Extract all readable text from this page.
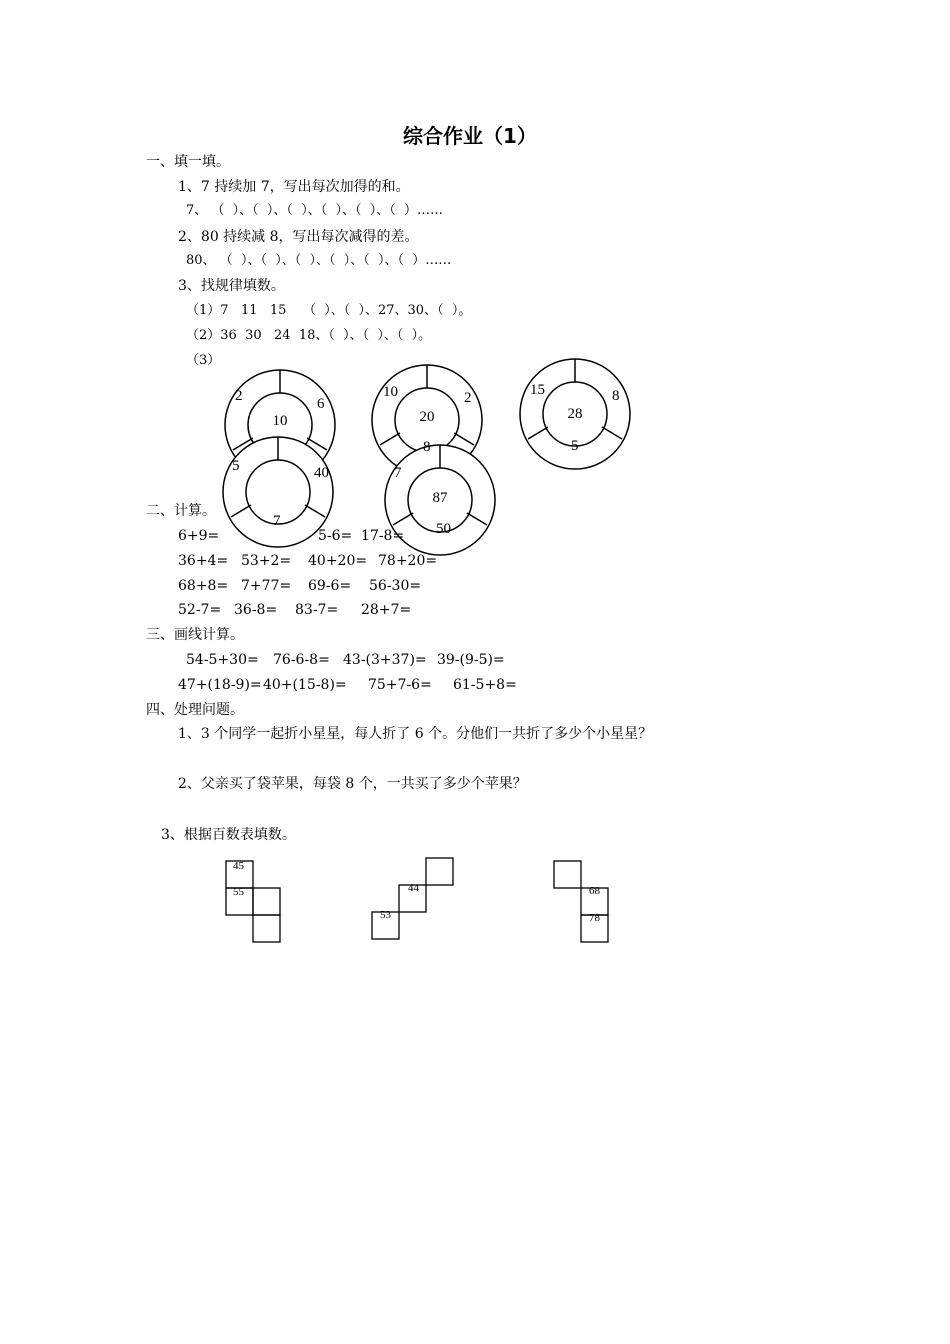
综合作业（1）
一、填一填。
1、7 持续加 7，写出每次加得的和。
7、 （  ）、（  ）、（  ）、（  ）、（  ）、（  ）……
2、80 持续减 8，写出每次减得的差。
80、 （  ）、（  ）、（  ）、（  ）、（  ）、（  ）……
3、找规律填数。
（1）7   11   15    （  ）、（  ）、27、30、（  ）。
（2）36  30   24  18、（  ）、（  ）、（  ）。
（3）
10
2	6
5	40
20
10	2
8
7
28
15	8
5
7
87
50
45
55	44
53
68
78
二、计算。
6+9=	5-6= 17-8=
36+4= 53+2= 40+20= 78+20=
68+8= 7+77= 69-6= 56-30=
52-7= 36-8= 83-7= 28+7=
三、画线计算。
54-5+30= 76-6-8= 43-(3+37)= 39-(9-5)=
47+(18-9)= 40+(15-8)= 75+7-6= 61-5+8=
四、处理问题。
1、3 个同学一起折小星星，每人折了 6 个。分他们一共折了多少个小星星？
2、父亲买了袋苹果，每袋 8 个，一共买了多少个苹果？
3、根据百数表填数。
